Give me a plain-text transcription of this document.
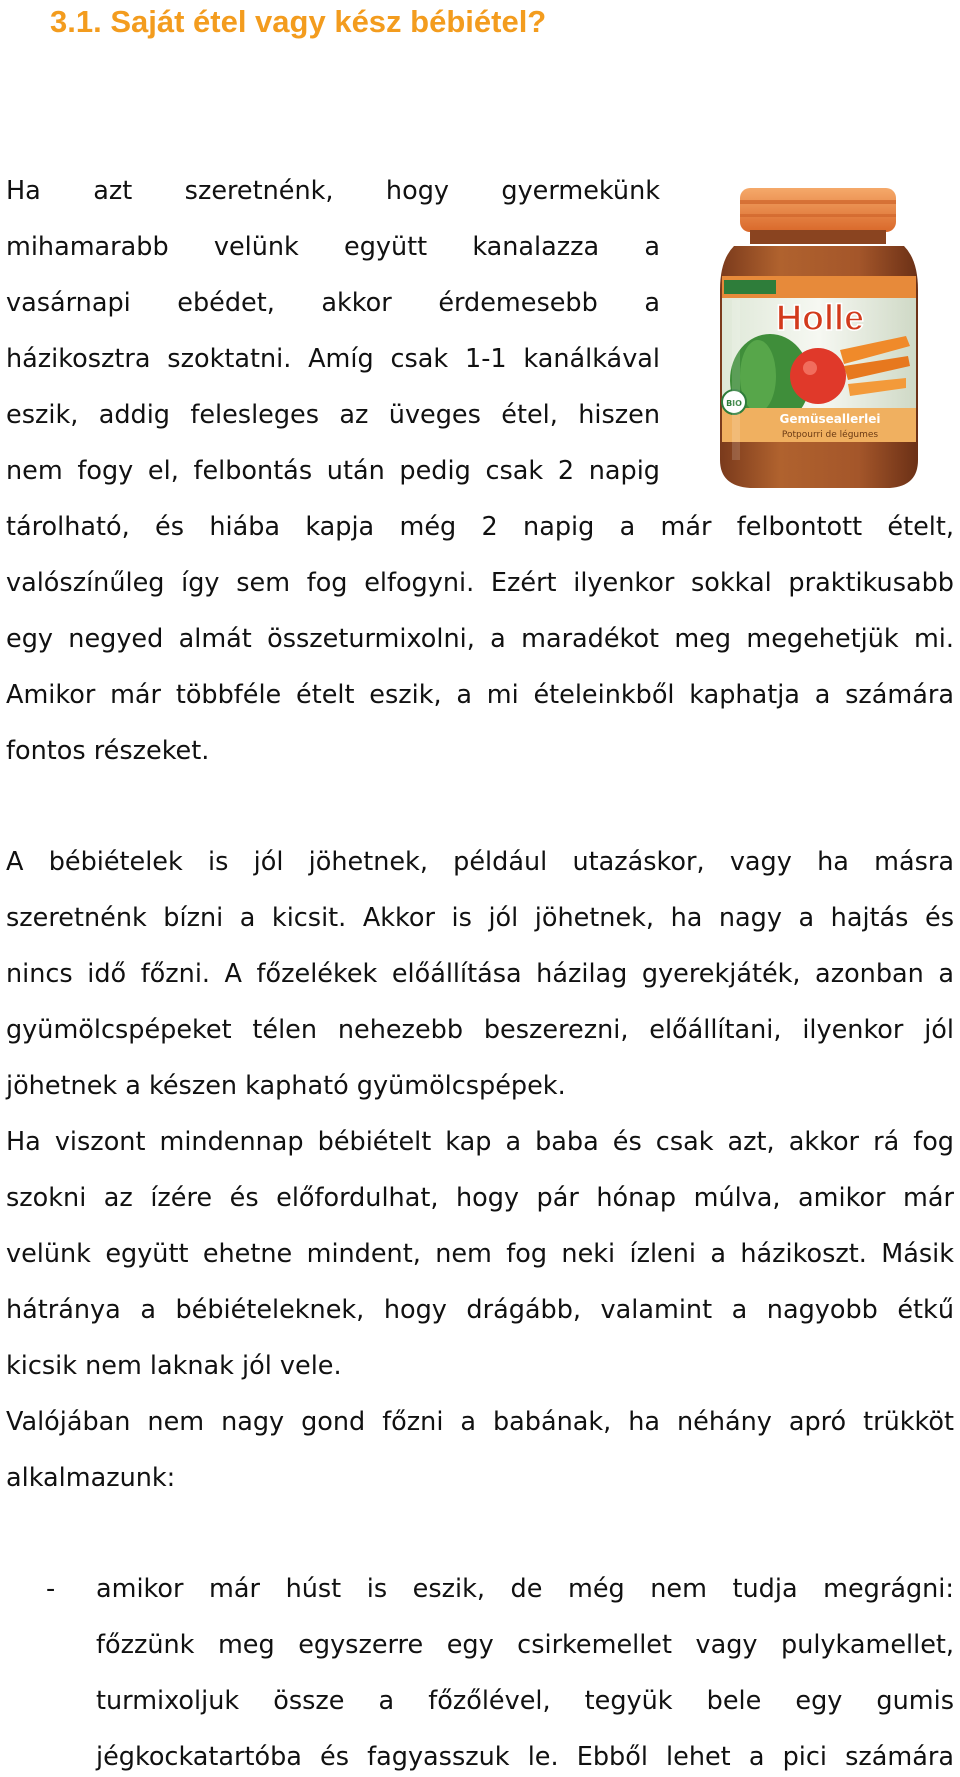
3.1. Saját étel vagy kész bébiétel?
Ha azt szeretnénk, hogy gyermekünk
mihamarabb velünk együtt kanalazza a
vasárnapi ebédet, akkor érdemesebb a
házikosztra szoktatni. Amíg csak 1-1 kanálkával
eszik, addig felesleges az üveges étel, hiszen
nem fogy el, felbontás után pedig csak 2 napig
tárolható, és hiába kapja még 2 napig a már felbontott ételt,
valószínűleg így sem fog elfogyni. Ezért ilyenkor sokkal praktikusabb
egy negyed almát összeturmixolni, a maradékot meg megehetjük mi.
Amikor már többféle ételt eszik, a mi ételeinkből kaphatja a számára
fontos részeket.
A bébiételek is jól jöhetnek, például utazáskor, vagy ha másra
szeretnénk bízni a kicsit. Akkor is jól jöhetnek, ha nagy a hajtás és
nincs idő főzni. A főzelékek előállítása házilag gyerekjáték, azonban a
gyümölcspépeket télen nehezebb beszerezni, előállítani, ilyenkor jól
jöhetnek a készen kapható gyümölcspépek.
Ha viszont mindennap bébiételt kap a baba és csak azt, akkor rá fog
szokni az ízére és előfordulhat, hogy pár hónap múlva, amikor már
velünk együtt ehetne mindent, nem fog neki ízleni a házikoszt. Másik
hátránya a bébiételeknek, hogy drágább, valamint a nagyobb étkű
kicsik nem laknak jól vele.
Valójában nem nagy gond főzni a babának, ha néhány apró trükköt
alkalmazunk:
- amikor már húst is eszik, de még nem tudja megrágni:
főzzünk meg egyszerre egy csirkemellet vagy pulykamellet,
turmixoljuk össze a főzőlével, tegyük bele egy gumis
jégkockatartóba és fagyasszuk le. Ebből lehet a pici számára
Holle
BIO
Gemüseallerlei
Potpourri de légumes
